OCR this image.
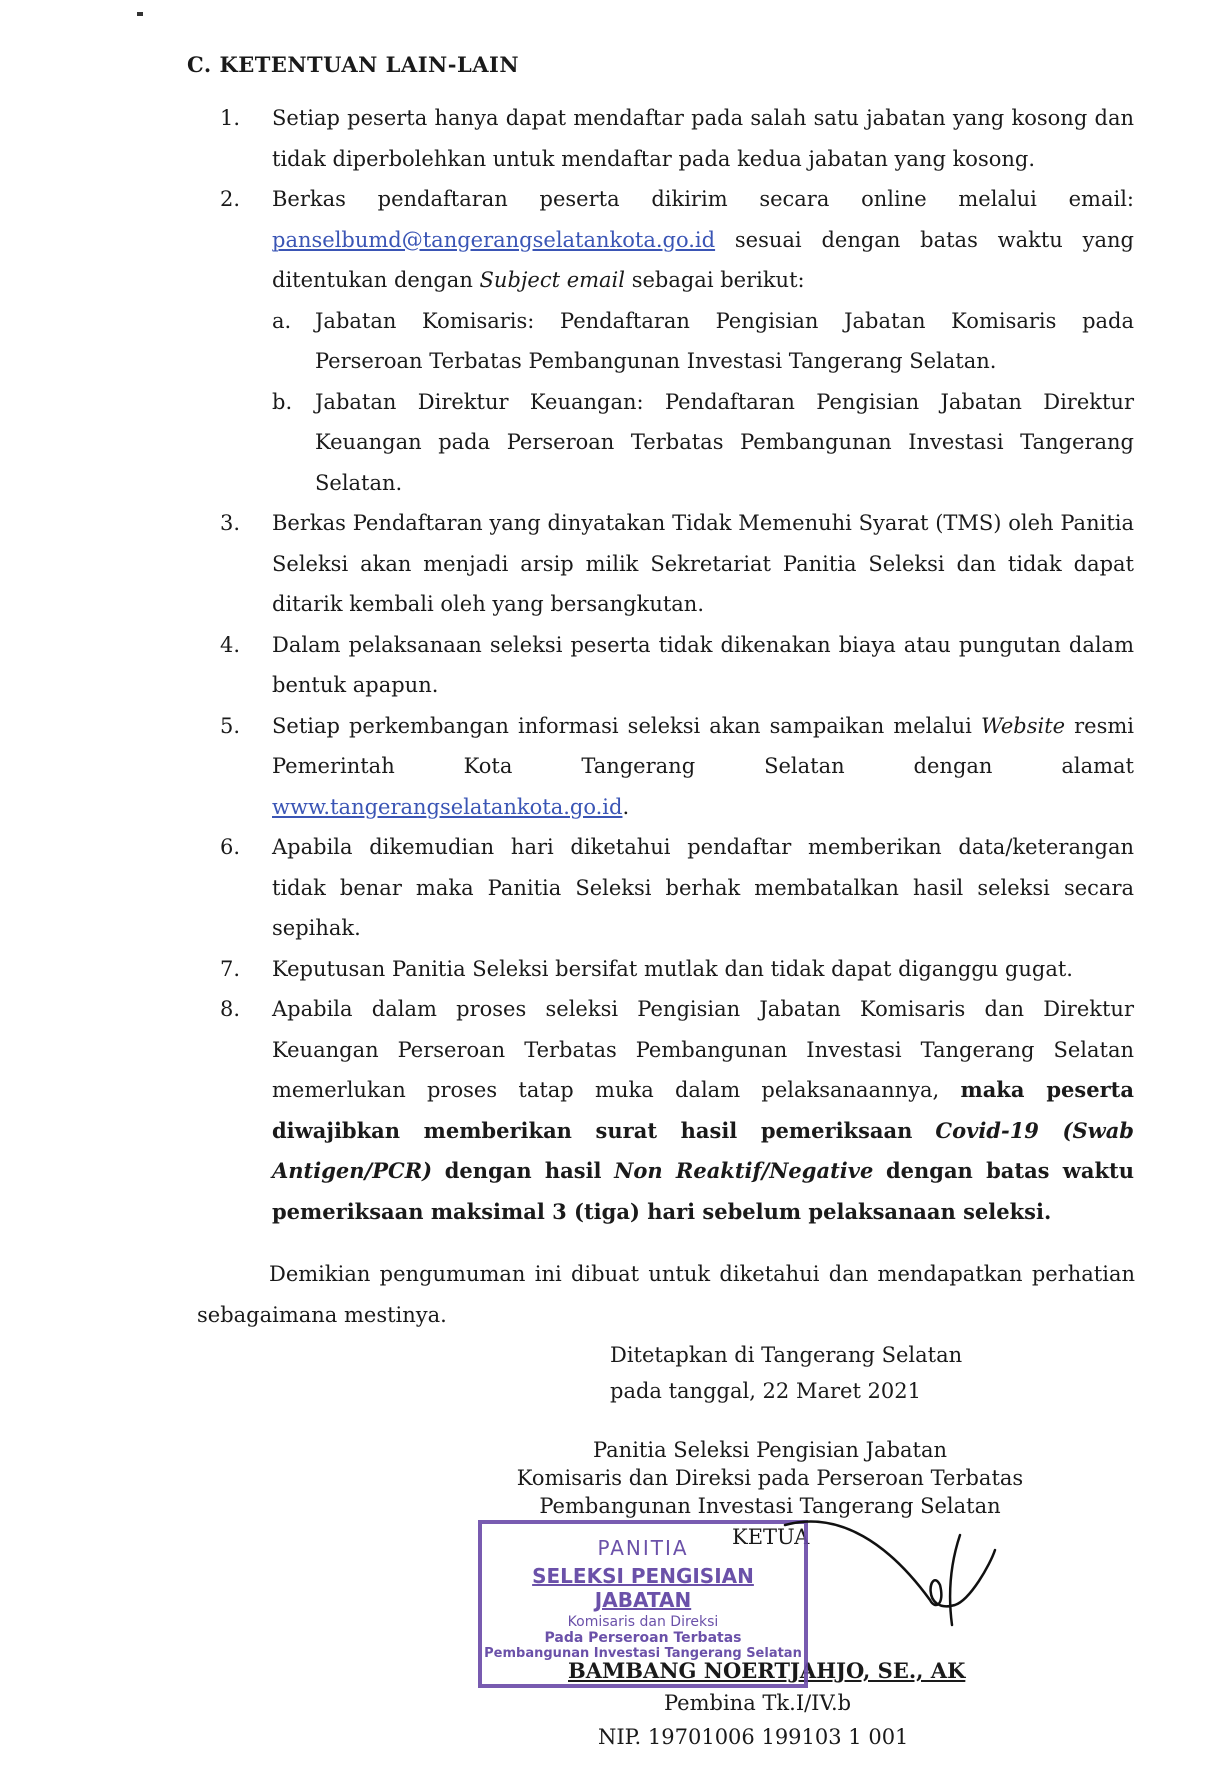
C. KETENTUAN LAIN-LAIN
1.	Setiap peserta hanya dapat mendaftar pada salah satu jabatan yang kosong dan tidak diperbolehkan untuk mendaftar pada kedua jabatan yang kosong.
2.	Berkas pendaftaran peserta dikirim secara online melalui email: panselbumd@tangerangselatankota.go.id sesuai dengan batas waktu yang ditentukan dengan Subject email sebagai berikut:
a.	Jabatan Komisaris: Pendaftaran Pengisian Jabatan Komisaris pada Perseroan Terbatas Pembangunan Investasi Tangerang Selatan.
b.	Jabatan Direktur Keuangan: Pendaftaran Pengisian Jabatan Direktur Keuangan pada Perseroan Terbatas Pembangunan Investasi Tangerang Selatan.
3.	Berkas Pendaftaran yang dinyatakan Tidak Memenuhi Syarat (TMS) oleh Panitia Seleksi akan menjadi arsip milik Sekretariat Panitia Seleksi dan tidak dapat ditarik kembali oleh yang bersangkutan.
4.	Dalam pelaksanaan seleksi peserta tidak dikenakan biaya atau pungutan dalam bentuk apapun.
5.	Setiap perkembangan informasi seleksi akan sampaikan melalui Website resmi Pemerintah Kota Tangerang Selatan dengan alamat www.tangerangselatankota.go.id.
6.	Apabila dikemudian hari diketahui pendaftar memberikan data/keterangan tidak benar maka Panitia Seleksi berhak membatalkan hasil seleksi secara sepihak.
7.	Keputusan Panitia Seleksi bersifat mutlak dan tidak dapat diganggu gugat.
8.	Apabila dalam proses seleksi Pengisian Jabatan Komisaris dan Direktur Keuangan Perseroan Terbatas Pembangunan Investasi Tangerang Selatan memerlukan proses tatap muka dalam pelaksanaannya, maka peserta diwajibkan memberikan surat hasil pemeriksaan Covid-19 (Swab Antigen/PCR) dengan hasil Non Reaktif/Negative dengan batas waktu pemeriksaan maksimal 3 (tiga) hari sebelum pelaksanaan seleksi.

Demikian pengumuman ini dibuat untuk diketahui dan mendapatkan perhatian sebagaimana mestinya.

Ditetapkan di Tangerang Selatan
pada tanggal, 22 Maret 2021
Panitia Seleksi Pengisian Jabatan
Komisaris dan Direksi pada Perseroan Terbatas
Pembangunan Investasi Tangerang Selatan
KETUA
BAMBANG NOERTJAHJO, SE., AK
Pembina Tk.I/IV.b
NIP. 19701006 199103 1 001
PANITIA
SELEKSI PENGISIAN JABATAN
Komisaris dan Direksi
Pada Perseroan Terbatas
Pembangunan Investasi Tangerang Selatan
